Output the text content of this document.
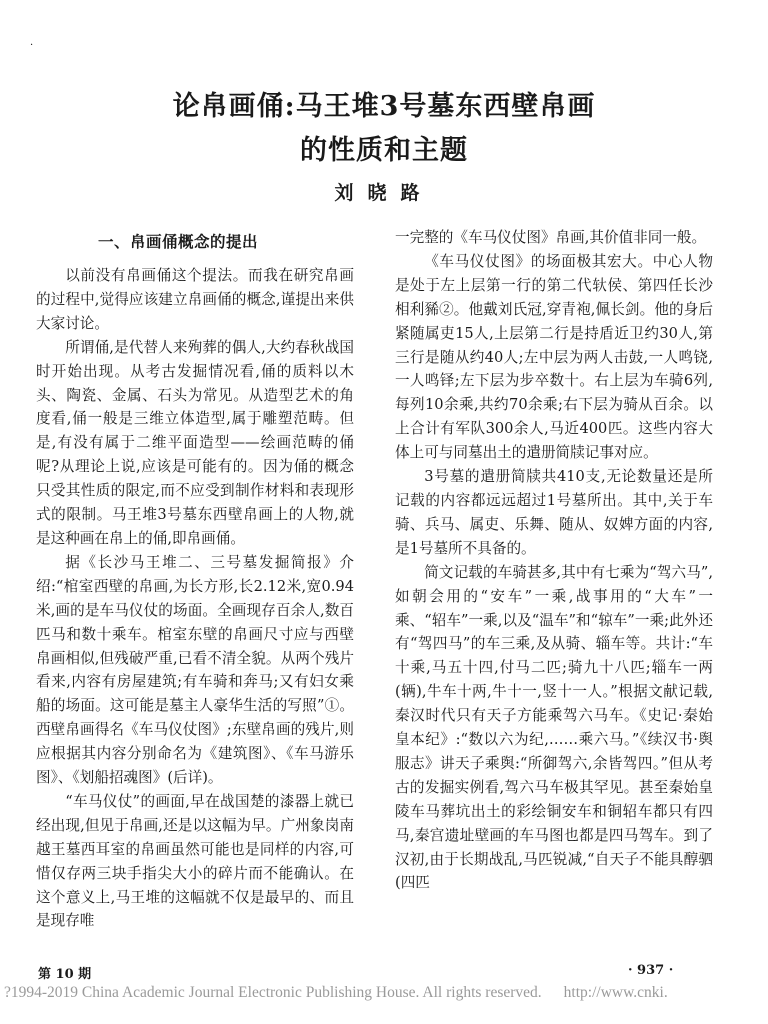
·
论帛画俑:马王堆3号墓东西壁帛画
的性质和主题
刘晓路
一、帛画俑概念的提出

以前没有帛画俑这个提法。而我在研究帛画的过程中,觉得应该建立帛画俑的概念,谨提出来供大家讨论。

所谓俑,是代替人来殉葬的偶人,大约春秋战国时开始出现。从考古发掘情况看,俑的质料以木头、陶瓷、金属、石头为常见。从造型艺术的角度看,俑一般是三维立体造型,属于雕塑范畴。但是,有没有属于二维平面造型——绘画范畴的俑呢?从理论上说,应该是可能有的。因为俑的概念只受其性质的限定,而不应受到制作材料和表现形式的限制。马王堆3号墓东西壁帛画上的人物,就是这种画在帛上的俑,即帛画俑。

据《长沙马王堆二、三号墓发掘简报》介绍:“棺室西壁的帛画,为长方形,长2.12米,宽0.94米,画的是车马仪仗的场面。全画现存百余人,数百匹马和数十乘车。棺室东壁的帛画尺寸应与西壁帛画相似,但残破严重,已看不清全貌。从两个残片看来,内容有房屋建筑;有车骑和奔马;又有妇女乘船的场面。这可能是墓主人豪华生活的写照”①。西壁帛画得名《车马仪仗图》;东壁帛画的残片,则应根据其内容分别命名为《建筑图》、《车马游乐图》、《划船招魂图》(后详)。

“车马仪仗”的画面,早在战国楚的漆器上就已经出现,但见于帛画,还是以这幅为早。广州象岗南越王墓西耳室的帛画虽然可能也是同样的内容,可惜仅存两三块手指尖大小的碎片而不能确认。在这个意义上,马王堆的这幅就不仅是最早的、而且是现存唯

一完整的《车马仪仗图》帛画,其价值非同一般。

《车马仪仗图》的场面极其宏大。中心人物是处于左上层第一行的第二代轪侯、第四任长沙相利豨②。他戴刘氏冠,穿青袍,佩长剑。他的身后紧随属吏15人,上层第二行是持盾近卫约30人,第三行是随从约40人;左中层为两人击鼓,一人鸣铙,一人鸣铎;左下层为步卒数十。右上层为车骑6列,每列10余乘,共约70余乘;右下层为骑从百余。以上合计有军队300余人,马近400匹。这些内容大体上可与同墓出土的遣册简牍记事对应。

3号墓的遣册简牍共410支,无论数量还是所记载的内容都远远超过1号墓所出。其中,关于车骑、兵马、属吏、乐舞、随从、奴婢方面的内容,是1号墓所不具备的。

简文记载的车骑甚多,其中有七乘为“驾六马”,如朝会用的“安车”一乘,战事用的“大车”一乘、“轺车”一乘,以及“温车”和“辌车”一乘;此外还有“驾四马”的车三乘,及从骑、辎车等。共计:“车十乘,马五十四,付马二匹;骑九十八匹;辎车一两(辆),牛车十两,牛十一,竖十一人。”根据文献记载,秦汉时代只有天子方能乘驾六马车。《史记·秦始皇本纪》:“数以六为纪,……乘六马。”《续汉书·舆服志》讲天子乘舆:“所御驾六,余皆驾四。”但从考古的发掘实例看,驾六马车极其罕见。甚至秦始皇陵车马葬坑出土的彩绘铜安车和铜轺车都只有四马,秦宫遗址壁画的车马图也都是四马驾车。到了汉初,由于长期战乱,马匹锐减,“自天子不能具醇驷(四匹

第 10 期	· 937 ·
?1994-2019 China Academic Journal Electronic Publishing House. All rights reserved. http://www.cnki.
